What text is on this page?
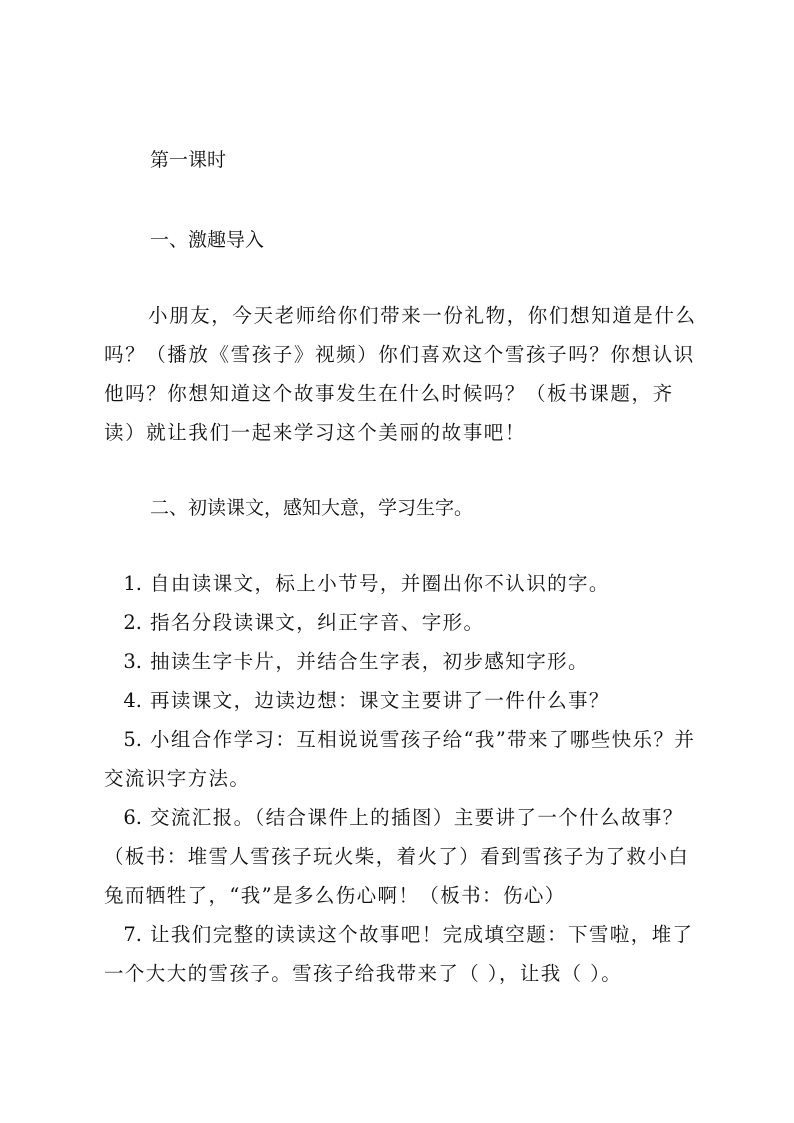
第一课时
一、激趣导入
小朋友，今天老师给你们带来一份礼物，你们想知道是什么吗？（播放《雪孩子》视频）你们喜欢这个雪孩子吗？你想认识他吗？你想知道这个故事发生在什么时候吗？（板书课题，齐读）就让我们一起来学习这个美丽的故事吧！
二、初读课文，感知大意，学习生字。
1. 自由读课文，标上小节号，并圈出你不认识的字。
2. 指名分段读课文，纠正字音、字形。
3. 抽读生字卡片，并结合生字表，初步感知字形。
4. 再读课文，边读边想：课文主要讲了一件什么事？
5. 小组合作学习：互相说说雪孩子给“我”带来了哪些快乐？并交流识字方法。
6. 交流汇报。（结合课件上的插图）主要讲了一个什么故事？（板书：堆雪人雪孩子玩火柴，着火了）看到雪孩子为了救小白兔而牺牲了，“我”是多么伤心啊！（板书：伤心）
7. 让我们完整的读读这个故事吧！完成填空题：下雪啦，堆了一个大大的雪孩子。雪孩子给我带来了（ ），让我（ ）。
